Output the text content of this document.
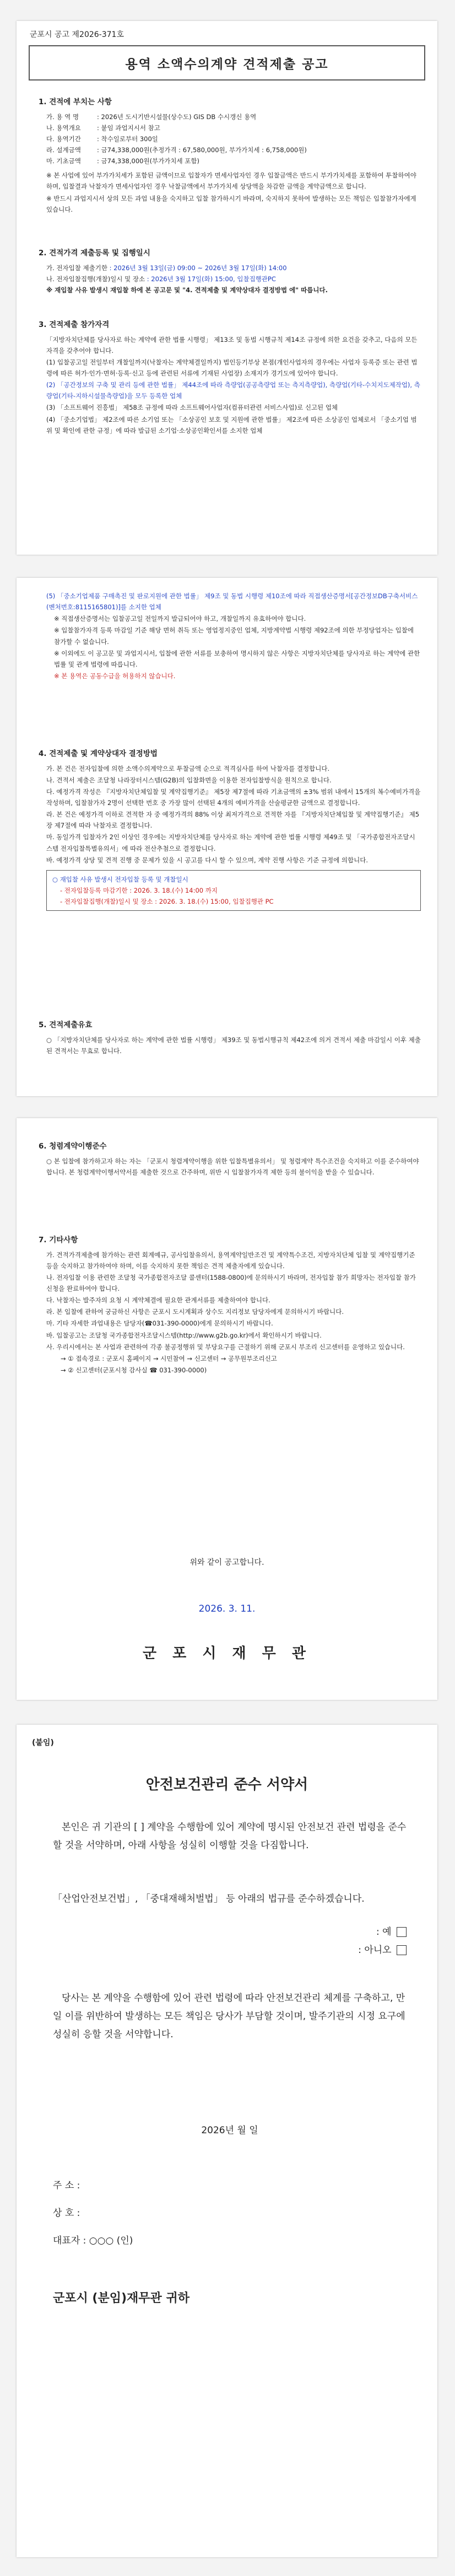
군포시 공고 제2026-371호
용역 소액수의계약 견적제출 공고
1. 견적에 부치는 사항
가. 용 역 명	: 2026년 도시기반시설물(상수도) GIS DB 수시갱신 용역
나. 용역개요	: 붙임 과업지시서 참고
다. 용역기간	: 착수일로부터 300일
라. 설계금액	: 금74,338,000원(추정가격 : 67,580,000원, 부가가치세 : 6,758,000원)
마. 기초금액	: 금74,338,000원(부가가치세 포함)
※ 본 사업에 있어 부가가치세가 포함된 금액이므로 입찰자가 면세사업자인 경우 입찰금액은 반드시 부가가치세를 포함하여 투찰하여야 하며, 입찰결과 낙찰자가 면세사업자인 경우 낙찰금액에서 부가가치세 상당액을 차감한 금액을 계약금액으로 합니다.
※ 반드시 과업지시서 상의 모든 과업 내용을 숙지하고 입찰 참가하시기 바라며, 숙지하지 못하여 발생하는 모든 책임은 입찰참가자에게 있습니다.
2. 견적가격 제출등록 및 집행일시
가. 전자입찰 제출기한 : 2026년 3월 13일(금) 09:00 ~ 2026년 3월 17일(화) 14:00
나. 전자입찰집행(개찰)일시 및 장소 : 2026년 3월 17일(화) 15:00, 입찰집행관PC
※ 재입찰 사유 발생시 재입찰 하에 본 공고문 및 "4. 견적제출 및 계약상대자 결정방법 에" 따릅니다.
3. 견적제출 참가자격
「지방자치단체를 당사자로 하는 계약에 관한 법률 시행령」 제13조 및 동법 시행규칙 제14조 규정에 의한 요건을 갖추고, 다음의 모든 자격을 갖추어야 합니다.
(1) 입찰공고일 전일부터 개찰일까지(낙찰자는 계약체결일까지) 법인등기부상 본점(개인사업자의 경우에는 사업자 등록증 또는 관련 법령에 따른 허가·인가·면허·등록·신고 등에 관련된 서류에 기재된 사업장) 소재지가 경기도에 있어야 합니다.
(2) 「공간정보의 구축 및 관리 등에 관한 법률」 제44조에 따라 측량업(공공측량업 또는 측지측량업), 측량업(기타-수치지도제작업), 측량업(기타-지하시설물측량업)을 모두 등록한 업체
(3) 「소프트웨어 진흥법」 제58조 규정에 따라 소프트웨어사업자(컴퓨터관련 서비스사업)로 신고된 업체
(4) 「중소기업법」 제2조에 따른 소기업 또는 「소상공인 보호 및 지원에 관한 법률」 제2조에 따른 소상공인 업체로서 「중소기업 범위 및 확인에 관한 규정」에 따라 발급된 소기업·소상공인확인서를 소지한 업체
(5) 「중소기업제품 구매촉진 및 판로지원에 관한 법률」 제9조 및 동법 시행령 제10조에 따라 직접생산증명서[공간정보DB구축서비스(벤처번호:8115165801)]를 소지한 업체
※ 직접생산증명서는 입찰공고일 전일까지 발급되어야 하고, 개찰일까지 유효하여야 합니다.
※ 입찰참가자격 등록 마감일 기준 해당 면허 취득 또는 영업정지중인 업체, 지방계약법 시행령 제92조에 의한 부정당업자는 입찰에 참가할 수 없습니다.
※ 이외에도 이 공고문 및 과업지시서, 입찰에 관한 서류를 보충하여 명시하지 않은 사항은 지방자치단체를 당사자로 하는 계약에 관한 법률 및 관계 법령에 따릅니다.
※ 본 용역은 공동수급을 허용하지 않습니다.
4. 견적제출 및 계약상대자 결정방법
가. 본 건은 전자입찰에 의한 소액수의계약으로 투찰금액 순으로 적격심사를 하여 낙찰자를 결정합니다.
나. 견적서 제출은 조달청 나라장터시스템(G2B)의 입찰화면을 이용한 전자입찰방식을 원칙으로 합니다.
다. 예정가격 작성은 『지방자치단체입찰 및 계약집행기준』 제5장 제7절에 따라 기초금액의 ±3% 범위 내에서 15개의 복수예비가격을 작성하며, 입찰참가자 2명이 선택한 번호 중 가장 많이 선택된 4개의 예비가격을 산술평균한 금액으로 결정합니다.
라. 본 건은 예정가격 이하로 견적한 자 중 예정가격의 88% 이상 최저가격으로 견적한 자를 『지방자치단체입찰 및 계약집행기준』 제5장 제7절에 따라 낙찰자로 결정합니다.
마. 동일가격 입찰자가 2인 이상인 경우에는 지방자치단체를 당사자로 하는 계약에 관한 법률 시행령 제49조 및 「국가종합전자조달시스템 전자입찰특별유의서」에 따라 전산추첨으로 결정합니다.
바. 예정가격 상당 및 견적 진행 중 문제가 있을 시 공고를 다시 할 수 있으며, 계약 진행 사항은 기준 규정에 의합니다.
○ 재입찰 사유 발생시 전자입찰 등록 및 개찰일시
- 전자입찰등록 마감기한 : 2026. 3. 18.(수) 14:00 까지
- 전자입찰집행(개찰)일시 및 장소 : 2026. 3. 18.(수) 15:00, 입찰집행관 PC
5. 견적제출유효
○ 「지방자치단체를 당사자로 하는 계약에 관한 법률 시행령」 제39조 및 동법시행규칙 제42조에 의거 견적서 제출 마감일시 이후 제출된 견적서는 무효로 합니다.
6. 청렴계약이행준수
○ 본 입찰에 참가하고자 하는 자는 「군포시 청렴계약이행을 위한 입찰특별유의서」 및 청렴계약 특수조건을 숙지하고 이를 준수하여야 합니다. 본 청렴계약이행서약서를 제출한 것으로 간주하며, 위반 시 입찰참가자격 제한 등의 불이익을 받을 수 있습니다.
7. 기타사항
가. 견적가격제출에 참가하는 관련 회계예규, 공사입찰유의서, 용역계약일반조건 및 계약특수조건, 지방자치단체 입찰 및 계약집행기준 등을 숙지하고 참가하여야 하며, 이를 숙지하지 못한 책임은 견적 제출자에게 있습니다.
나. 전자입찰 이용 관련한 조달청 국가종합전자조달 콜센터(1588-0800)에 문의하시기 바라며, 전자입찰 참가 희망자는 전자입찰 참가 신청을 완료하여야 합니다.
다. 낙찰자는 발주자의 요청 시 계약체결에 필요한 관계서류를 제출하여야 합니다.
라. 본 입찰에 관하여 궁금하신 사항은 군포시 도시계획과 상수도 지리정보 담당자에게 문의하시기 바랍니다.
마. 기타 자세한 과업내용은 담당자(☎031-390-0000)에게 문의하시기 바랍니다.
바. 입찰공고는 조달청 국가종합전자조달시스템(http://www.g2b.go.kr)에서 확인하시기 바랍니다.
사. 우리시에서는 본 사업과 관련하여 각종 불공정행위 및 부당요구를 근절하기 위해 군포시 부조리 신고센터를 운영하고 있습니다.
→ ① 접속경로 : 군포시 홈페이지 → 시민참여 → 신고센터 → 공무원부조리신고
→ ② 신고센터(군포시청 감사실 ☎ 031-390-0000)
위와 같이 공고합니다.
2026. 3. 11.
군 포 시 재 무 관
(붙임)
안전보건관리 준수 서약서
본인은 귀 기관의 [ ] 계약을 수행함에 있어 계약에 명시된 안전보건 관련 법령을 준수할 것을 서약하며, 아래 사항을 성실히 이행할 것을 다짐합니다.
「산업안전보건법」, 「중대재해처벌법」 등 아래의 법규를 준수하겠습니다.
: 예
: 아니오
당사는 본 계약을 수행함에 있어 관련 법령에 따라 안전보건관리 체계를 구축하고, 만일 이를 위반하여 발생하는 모든 책임은 당사가 부담할 것이며, 발주기관의 시정 요구에 성실히 응할 것을 서약합니다.
2026년 월 일
주 소 :
상 호 :
대표자 : ○○○ (인)
군포시 (분임)재무관 귀하
